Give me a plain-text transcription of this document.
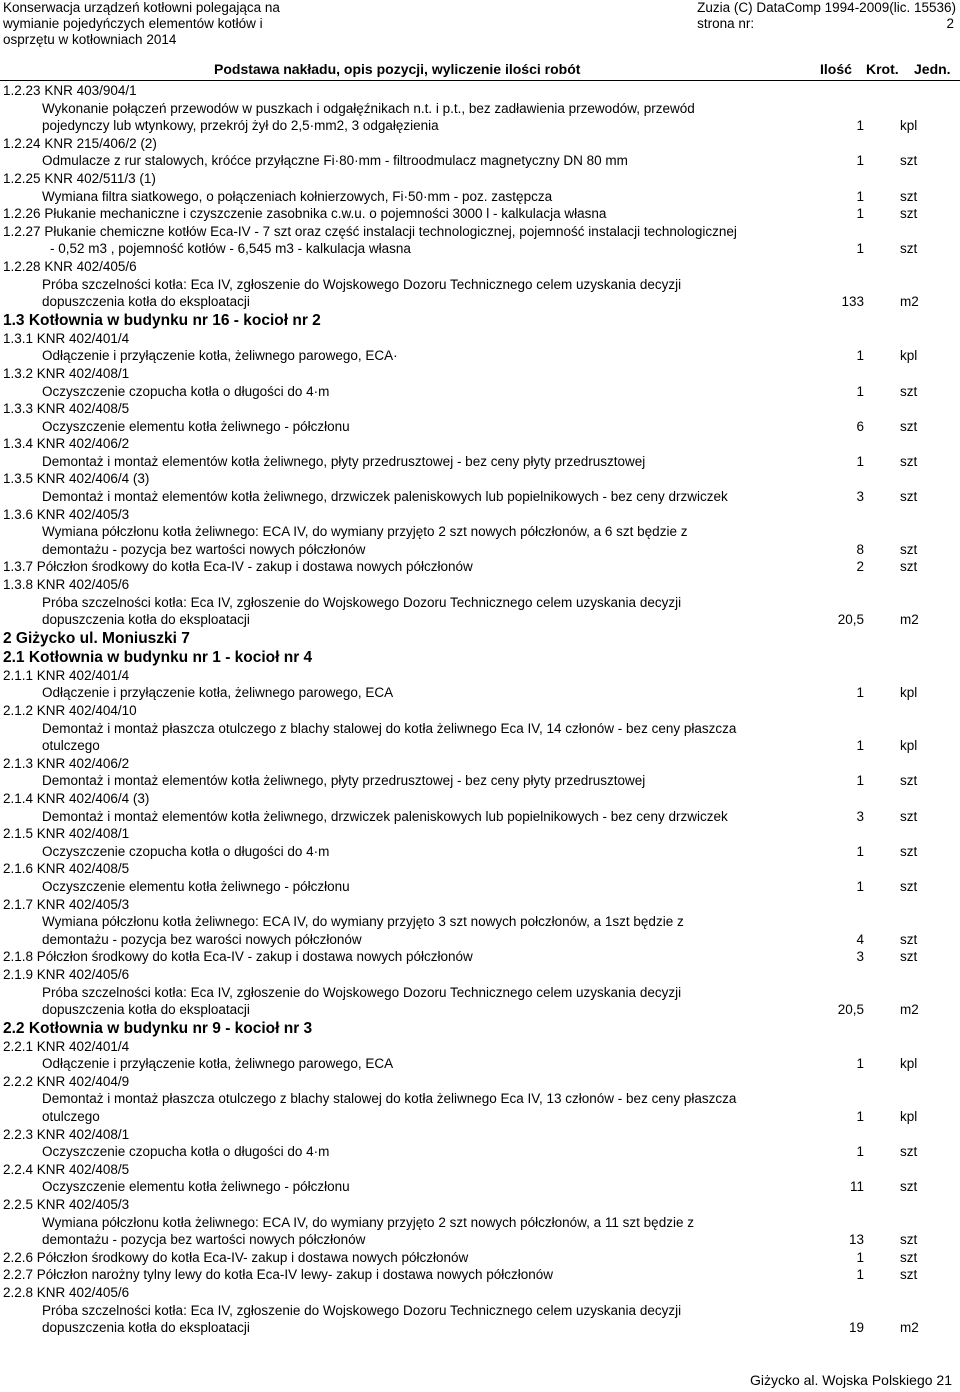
Konserwacja urządzeń kotłowni polegająca na
wymianie pojedyńczych elementów kotłów i
osprzętu w kotłowniach 2014
Zuzia (C) DataComp 1994-2009(lic. 15536)
strona nr:	2
Podstawa nakładu, opis pozycji, wyliczenie ilości robót	Ilość Krot. Jedn.
1.2.23 KNR 403/904/1
Wykonanie połączeń przewodów w puszkach i odgałęźnikach n.t. i p.t., bez zadławienia przewodów, przewód
pojedynczy lub wtynkowy, przekrój żył do 2,5·mm2, 3 odgałęzienia	1	kpl
1.2.24 KNR 215/406/2 (2)
Odmulacze z rur stalowych, króćce przyłączne Fi·80·mm - filtroodmulacz magnetyczny DN 80 mm	1	szt
1.2.25 KNR 402/511/3 (1)
Wymiana filtra siatkowego, o połączeniach kołnierzowych, Fi·50·mm - poz. zastępcza	1	szt
1.2.26 Płukanie mechaniczne i czyszczenie zasobnika c.w.u. o pojemności 3000 l - kalkulacja własna	1	szt
1.2.27 Płukanie chemiczne kotłów Eca-IV - 7 szt oraz część instalacji technologicznej, pojemność instalacji technologicznej
- 0,52 m3 , pojemność kotłów - 6,545 m3 - kalkulacja własna	1	szt
1.2.28 KNR 402/405/6
Próba szczelności kotła: Eca IV, zgłoszenie do Wojskowego Dozoru Technicznego celem uzyskania decyzji
dopuszczenia kotła do eksploatacji	133	m2
1.3 Kotłownia w budynku nr 16 - kocioł nr 2
1.3.1 KNR 402/401/4
Odłączenie i przyłączenie kotła, żeliwnego parowego, ECA·	1	kpl
1.3.2 KNR 402/408/1
Oczyszczenie czopucha kotła o długości do 4·m	1	szt
1.3.3 KNR 402/408/5
Oczyszczenie elementu kotła żeliwnego - półczłonu	6	szt
1.3.4 KNR 402/406/2
Demontaż i montaż elementów kotła żeliwnego, płyty przedrusztowej - bez ceny płyty przedrusztowej	1	szt
1.3.5 KNR 402/406/4 (3)
Demontaż i montaż elementów kotła żeliwnego, drzwiczek paleniskowych lub popielnikowych - bez ceny drzwiczek	3	szt
1.3.6 KNR 402/405/3
Wymiana półczłonu kotła żeliwnego: ECA IV, do wymiany przyjęto 2 szt nowych półczłonów, a 6 szt będzie z
demontażu - pozycja bez wartości nowych półczłonów	8	szt
1.3.7 Półczłon środkowy do kotła Eca-IV - zakup i dostawa nowych półczłonów	2	szt
1.3.8 KNR 402/405/6
Próba szczelności kotła: Eca IV, zgłoszenie do Wojskowego Dozoru Technicznego celem uzyskania decyzji
dopuszczenia kotła do eksploatacji	20,5	m2
2 Giżycko ul. Moniuszki 7
2.1 Kotłownia w budynku nr 1 - kocioł nr 4
2.1.1 KNR 402/401/4
Odłączenie i przyłączenie kotła, żeliwnego parowego, ECA	1	kpl
2.1.2 KNR 402/404/10
Demontaż i montaż płaszcza otulczego z blachy stalowej do kotła żeliwnego Eca IV, 14 członów - bez ceny płaszcza
otulczego	1	kpl
2.1.3 KNR 402/406/2
Demontaż i montaż elementów kotła żeliwnego, płyty przedrusztowej - bez ceny płyty przedrusztowej	1	szt
2.1.4 KNR 402/406/4 (3)
Demontaż i montaż elementów kotła żeliwnego, drzwiczek paleniskowych lub popielnikowych - bez ceny drzwiczek	3	szt
2.1.5 KNR 402/408/1
Oczyszczenie czopucha kotła o długości do 4·m	1	szt
2.1.6 KNR 402/408/5
Oczyszczenie elementu kotła żeliwnego - półczłonu	1	szt
2.1.7 KNR 402/405/3
Wymiana półczłonu kotła żeliwnego: ECA IV, do wymiany przyjęto 3 szt nowych połczłonów, a 1szt będzie z
demontażu - pozycja bez warości nowych półczłonów	4	szt
2.1.8 Półczłon środkowy do kotła Eca-IV - zakup i dostawa nowych półczłonów	3	szt
2.1.9 KNR 402/405/6
Próba szczelności kotła: Eca IV, zgłoszenie do Wojskowego Dozoru Technicznego celem uzyskania decyzji
dopuszczenia kotła do eksploatacji	20,5	m2
2.2 Kotłownia w budynku nr 9 - kocioł nr 3
2.2.1 KNR 402/401/4
Odłączenie i przyłączenie kotła, żeliwnego parowego, ECA	1	kpl
2.2.2 KNR 402/404/9
Demontaż i montaż płaszcza otulczego z blachy stalowej do kotła żeliwnego Eca IV, 13 członów - bez ceny płaszcza
otulczego	1	kpl
2.2.3 KNR 402/408/1
Oczyszczenie czopucha kotła o długości do 4·m	1	szt
2.2.4 KNR 402/408/5
Oczyszczenie elementu kotła żeliwnego - półczłonu	11	szt
2.2.5 KNR 402/405/3
Wymiana półczłonu kotła żeliwnego: ECA IV, do wymiany przyjęto 2 szt nowych półczłonów, a 11 szt będzie z
demontażu - pozycja bez wartości nowych półczłonów	13	szt
2.2.6 Półczłon środkowy do kotła Eca-IV- zakup i dostawa nowych półczłonów	1	szt
2.2.7 Półczłon narożny tylny lewy do kotła Eca-IV lewy- zakup i dostawa nowych półczłonów	1	szt
2.2.8 KNR 402/405/6
Próba szczelności kotła: Eca IV, zgłoszenie do Wojskowego Dozoru Technicznego celem uzyskania decyzji
dopuszczenia kotła do eksploatacji	19	m2
Giżycko al. Wojska Polskiego 21
